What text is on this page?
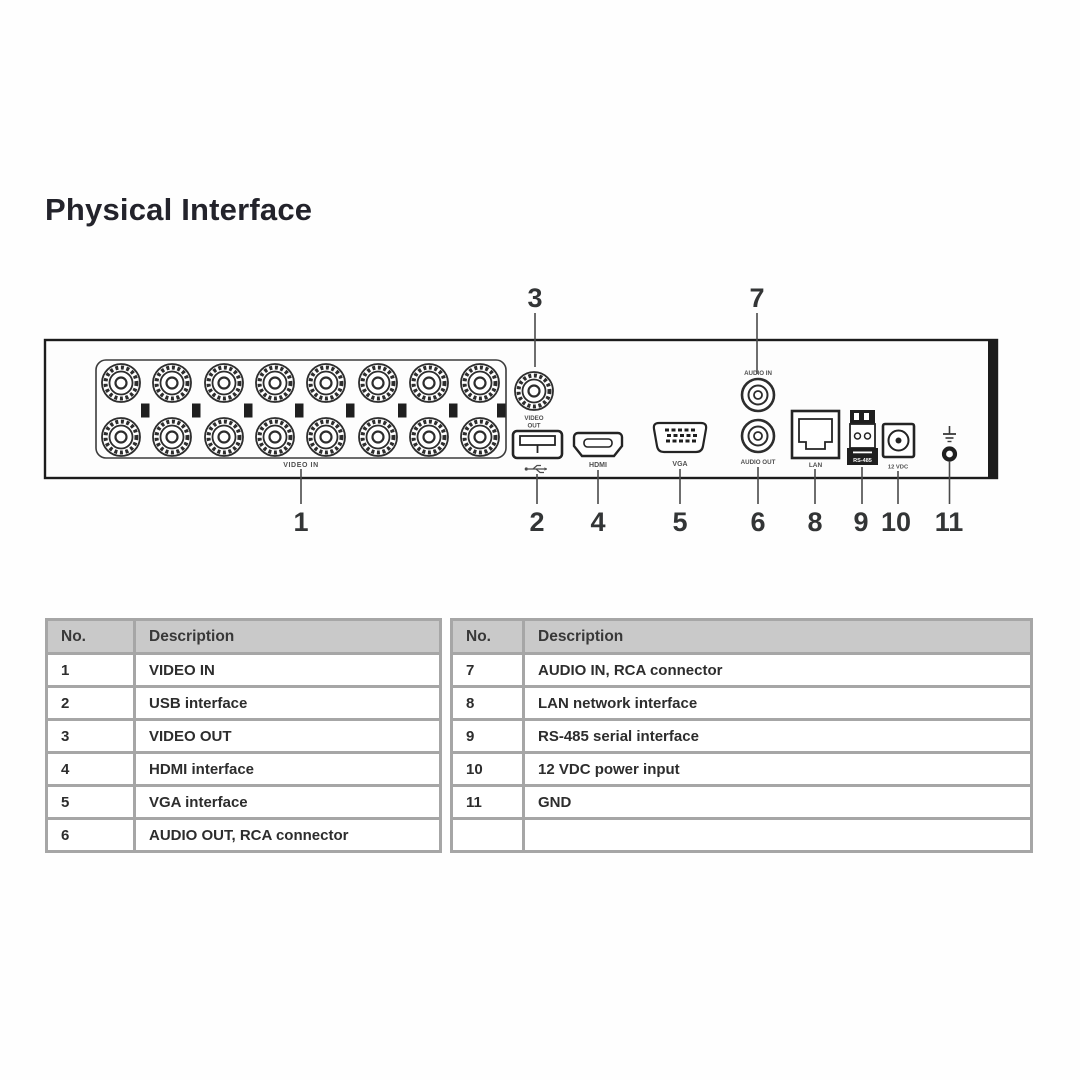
Physical Interface
VIDEO IN
VIDEO
OUT
HDMI	VGA
AUDIO IN
AUDIO OUT	LAN
RS-485
12 VDC
3	7
1	2 4 5 6 8 9 10 11
No.	Description
1	VIDEO IN
2	USB interface
3	VIDEO OUT
4	HDMI interface
5	VGA interface
6	AUDIO OUT, RCA connector
No.	Description
7	AUDIO IN, RCA connector
8	LAN network interface
9	RS-485 serial interface
10	12 VDC power input
11	GND
